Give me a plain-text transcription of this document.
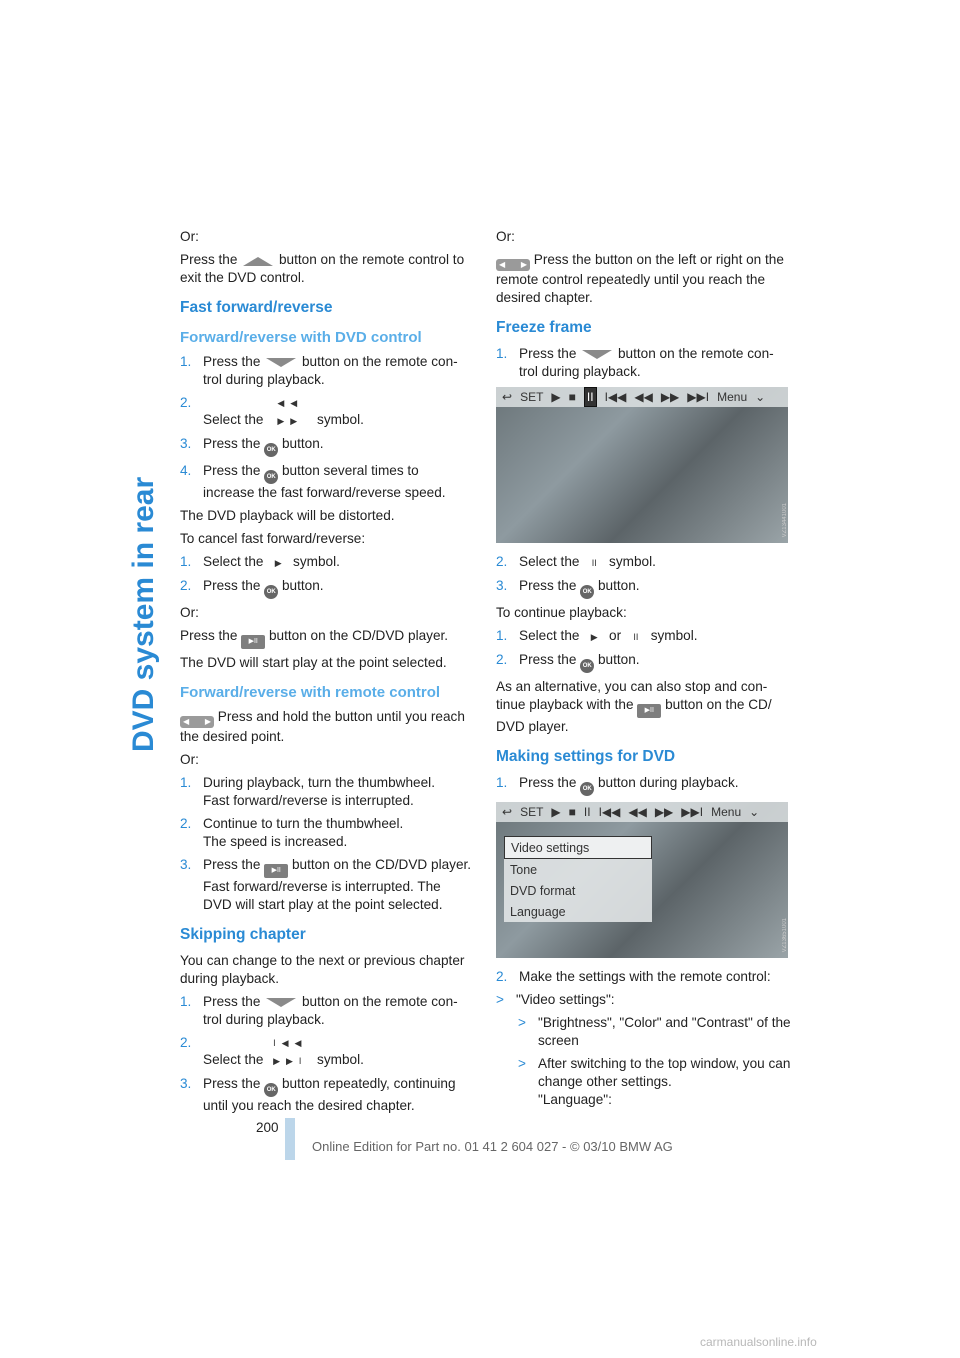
DVD system in rear

Or:

Press the	button on the remote control to exit the DVD control.

Fast forward/reverse
Forward/reverse with DVD control
1. Press the	button on the remote con-trol during playback.
2.
Select the ◀◀ ▶▶ symbol.
3. Press the OK button.
4. Press the OK button several times to increase the fast forward/reverse speed.

The DVD playback will be distorted.

To cancel fast forward/reverse:

1. Select the ▶ symbol.
2. Press the OK button.

Or:

Press the ▶II button on the CD/DVD player.

The DVD will start play at the point selected.

Forward/reverse with remote control

◀ ▶ Press and hold the button until you reach the desired point.

Or:

1. During playback, turn the thumbwheel.
Fast forward/reverse is interrupted.
2. Continue to turn the thumbwheel.
The speed is increased.
3. Press the ▶II button on the CD/DVD player.
Fast forward/reverse is interrupted. The DVD will start play at the point selected.
Skipping chapter

You can change to the next or previous chapter during playback.

1. Press the	button on the remote con-trol during playback.
2.
Select the I◀◀ ▶▶I symbol.
3. Press the OK button repeatedly, continuing until you reach the desired chapter.

Or:

◀ ▶ Press the button on the left or right on the remote control repeatedly until you reach the desired chapter.

Freeze frame
1. Press the	button on the remote con-trol during playback.
↩ SET ▶ ■ II I◀◀ ◀◀ ▶▶ ▶▶I Menu ⌄
VZ13441001
2. Select the II symbol.
3. Press the OK button.

To continue playback:

1. Select the ▶ or II symbol.
2. Press the OK button.

As an alternative, you can also stop and con-tinue playback with the ▶II button on the CD/ DVD player.

Making settings for DVD
1. Press the OK button during playback.
↩ SET ▶ ■ II I◀◀ ◀◀ ▶▶ ▶▶I Menu ⌄
Video settings
Tone
DVD format
Language
VZ13651001
2. Make the settings with the remote control:
> "Video settings":
> "Brightness", "Color" and "Contrast" of the screen
> After switching to the top window, you can change other settings.
"Language":
200
Online Edition for Part no. 01 41 2 604 027 - © 03/10 BMW AG
carmanualsonline.info
